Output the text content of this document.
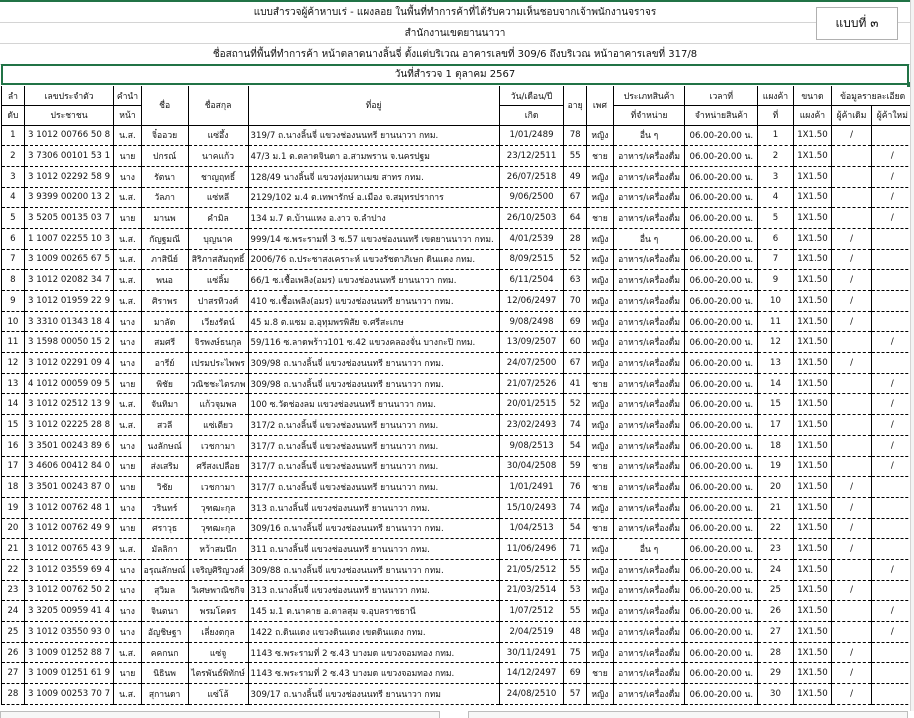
แบบสำรวจผู้ค้าหาบเร่ - แผงลอย ในพื้นที่ทำการค้าที่ได้รับความเห็นชอบจากเจ้าพนักงานจราจร
สำนักงานเขตยานนาวา
ชื่อสถานที่พื้นที่ทำการค้า หน้าตลาดนางลิ้นจี่ ตั้งแต่บริเวณ อาคารเลขที่ 309/6 ถึงบริเวณ หน้าอาคารเลขที่ 317/8
แบบที่ ๓
วันที่สำรวจ 1 ตุลาคม 2567
ลำ	เลขประจำตัว	คำนำ	ชื่อ	ชื่อสกุล	ที่อยู่	วัน/เดือน/ปี	อายุ	เพศ	ประเภทสินค้า	เวลาที่	แผงค้า	ขนาด	ข้อมูลรายละเอียด	
ดับ	ประชาชน	หน้า				เกิด			ที่จำหน่าย	จำหน่ายสินค้า	ที่	แผงค้า	ผู้ค้าเดิม	ผู้ค้าใหม่
1	3 1012 00766 50 8	น.ส.	จิ๋ออวย	แซ่อึ้ง	319/7 ถ.นางลิ้นจี่ แขวงช่องนนทรี ยานนาวา กทม.	1/01/2489	78	หญิง	อื่น ๆ	06.00-20.00 น.	1	1X1.50	/	
2	3 7306 00101 53 1	นาย	ปกรณ์	นาคแก้ว	47/3 ม.1 ต.ตลาดจินดา อ.สามพราน จ.นครปฐม	23/12/2511	55	ชาย	อาหาร/เครื่องดื่ม	06.00-20.00 น.	2	1X1.50		/
3	3 1012 02292 58 9	นาง	รัตนา	ชาญฤทธิ์	128/49 นางลิ้นจี่ แขวงทุ่งมหาเมฆ สาทร กทม.	26/07/2518	49	หญิง	อาหาร/เครื่องดื่ม	06.00-20.00 น.	3	1X1.50		/
4	3 9399 00200 13 2	น.ส.	วัลภา	แซ่หลี	2129/102 ม.4 ต.เทพารักษ์ อ.เมือง จ.สมุทรปราการ	9/06/2500	67	หญิง	อาหาร/เครื่องดื่ม	06.00-20.00 น.	4	1X1.50		/
5	3 5205 00135 03 7	นาย	มานพ	คำมิล	134 ม.7 ต.บ้านแหง อ.งาว จ.ลำปาง	26/10/2503	64	ชาย	อาหาร/เครื่องดื่ม	06.00-20.00 น.	5	1X1.50		/
6	1 1007 02255 10 3	น.ส.	กัญฐมณี	บุญนาค	999/14 ซ.พระรามที่ 3 ซ.57 แขวงช่องนนทรี เขตยานนาวา กทม.	4/01/2539	28	หญิง	อื่น ๆ	06.00-20.00 น.	6	1X1.50	/	
7	3 1009 00265 67 5	น.ส.	ภาสินีย์	สิริภาสสัมฤทธิ์	2006/76 ถ.ประชาสงเคราะห์ แขวงรัชดาภิเษก ดินแดง กทม.	8/09/2515	52	หญิง	อาหาร/เครื่องดื่ม	06.00-20.00 น.	7	1X1.50	/	
8	3 1012 02082 34 7	น.ส.	พนอ	แซ่ลิ้ม	66/1 ซ.เชื้อเพลิง(อมร) แขวงช่องนนทรี ยานนาวา กทม.	6/11/2504	63	หญิง	อาหาร/เครื่องดื่ม	06.00-20.00 น.	9	1X1.50	/	
9	3 1012 01959 22 9	น.ส.	ศิราพร	ปาสรทิวงศ์	410 ซ.เชื้อเพลิง(อมร) แขวงช่องนนทรี ยานนาวา กทม.	12/06/2497	70	หญิง	อาหาร/เครื่องดื่ม	06.00-20.00 น.	10	1X1.50	/	
10	3 3310 01343 18 4	นาง	มาลัด	เวียงรัตน์	45 ม.8 ต.แซม อ.อุทุมพรพิสัย จ.ศรีสะเกษ	9/08/2498	69	หญิง	อาหาร/เครื่องดื่ม	06.00-20.00 น.	11	1X1.50	/	
11	3 1598 00050 15 2	นาง	สมศรี	จิรพงษ์ธนกุล	59/116 ซ.ลาดพร้าว101 ซ.42 แขวงคลองจั่น บางกะปิ กทม.	13/09/2507	60	หญิง	อาหาร/เครื่องดื่ม	06.00-20.00 น.	12	1X1.50		/
12	3 1012 02291 09 4	นาง	อารีย์	เปรมประไพพร	309/98 ถ.นางลิ้นจี่ แขวงช่องนนทรี ยานนาวา กทม.	24/07/2500	67	หญิง	อาหาร/เครื่องดื่ม	06.00-20.00 น.	13	1X1.50	/	
13	4 1012 00059 09 5	นาย	พิชัย	วณิชชะไตรภพ	309/98 ถ.นางลิ้นจี่ แขวงช่องนนทรี ยานนาวา กทม.	21/07/2526	41	ชาย	อาหาร/เครื่องดื่ม	06.00-20.00 น.	14	1X1.50		/
14	3 1012 02512 13 9	น.ส.	จันทิมา	แก้วจุมพล	100 ซ.วัดช่องลม แขวงช่องนนทรี ยานนาวา กทม.	20/01/2515	52	หญิง	อาหาร/เครื่องดื่ม	06.00-20.00 น.	15	1X1.50		/
15	3 1012 02225 28 8	น.ส.	สวลี	แซ่เตียว	317/2 ถ.นางลิ้นจี่ แขวงช่องนนทรี ยานนาวา กทม.	23/02/2493	74	หญิง	อาหาร/เครื่องดื่ม	06.00-20.00 น.	17	1X1.50		/
16	3 3501 00243 89 6	นาง	นงลักษณ์	เวชกามา	317/7 ถ.นางลิ้นจี่ แขวงช่องนนทรี ยานนาวา กทม.	9/08/2513	54	หญิง	อาหาร/เครื่องดื่ม	06.00-20.00 น.	18	1X1.50		/
17	3 4606 00412 84 0	นาย	ส่งเสริม	ศรีสงเปลือย	317/7 ถ.นางลิ้นจี่ แขวงช่องนนทรี ยานนาวา กทม.	30/04/2508	59	ชาย	อาหาร/เครื่องดื่ม	06.00-20.00 น.	19	1X1.50		/
18	3 3501 00243 87 0	นาย	วิชัย	เวชกามา	317/7 ถ.นางลิ้นจี่ แขวงช่องนนทรี ยานนาวา กทม.	1/01/2491	76	ชาย	อาหาร/เครื่องดื่ม	06.00-20.00 น.	20	1X1.50	/	
19	3 1012 00762 48 1	นาง	วรินทร์	วุฑฒะกุล	313 ถ.นางลิ้นจี่ แขวงช่องนนทรี ยานนาวา กทม.	15/10/2493	74	หญิง	อาหาร/เครื่องดื่ม	06.00-20.00 น.	21	1X1.50	/	
20	3 1012 00762 49 9	นาย	ศราวุธ	วุฑฒะกุล	309/16 ถ.นางลิ้นจี่ แขวงช่องนนทรี ยานนาวา กทม.	1/04/2513	54	ชาย	อาหาร/เครื่องดื่ม	06.00-20.00 น.	22	1X1.50	/	
21	3 1012 00765 43 9	น.ส.	มัลลิกา	หว้าสมนึก	311 ถ.นางลิ้นจี่ แขวงช่องนนทรี ยานนาวา กทม.	11/06/2496	71	หญิง	อื่น ๆ	06.00-20.00 น.	23	1X1.50	/	
22	3 1012 03559 69 4	นาง	อรุณลักษณ์	เจริญศิริญวงศ์	309/88 ถ.นางลิ้นจี่ แขวงช่องนนทรี ยานนาวา กทม.	21/05/2512	55	หญิง	อาหาร/เครื่องดื่ม	06.00-20.00 น.	24	1X1.50		/
23	3 1012 00762 50 2	นาง	สุวิมล	วิเศษพาณิชกิจ	313 ถ.นางลิ้นจี่ แขวงช่องนนทรี ยานนาวา กทม.	21/03/2514	53	หญิง	อาหาร/เครื่องดื่ม	06.00-20.00 น.	25	1X1.50	/	
24	3 3205 00959 41 4	นาง	จินตนา	พรมโคตร	145 ม.1 ต.นาคาย อ.ตาลสุม จ.อุบลราชธานี	1/07/2512	55	หญิง	อาหาร/เครื่องดื่ม	06.00-20.00 น.	26	1X1.50		/
25	3 1012 03550 93 0	นาง	อัญชิษฐา	เลี่ยงตกุล	1422 ถ.ดินแดง แขวงดินแดง เขตดินแดง กทม.	2/04/2519	48	หญิง	อาหาร/เครื่องดื่ม	06.00-20.00 น.	27	1X1.50		/
26	3 1009 01252 88 7	น.ส.	คคกนก	แซ่จู	1143 ซ.พระรามที่ 2 ซ.43 บางมด แขวงจอมทอง กทม.	30/11/2491	75	หญิง	อาหาร/เครื่องดื่ม	06.00-20.00 น.	28	1X1.50	/	
27	3 1009 01251 61 9	นาย	นิธินพ	ไตรพันธ์พิทักษ์	1143 ซ.พระรามที่ 2 ซ.43 บางมด แขวงจอมทอง กทม.	14/12/2497	69	ชาย	อาหาร/เครื่องดื่ม	06.00-20.00 น.	29	1X1.50	/	
28	3 1009 00253 70 7	น.ส.	สุกานดา	แซ่โล้	309/17 ถ.นางลิ้นจี่ แขวงช่องนนทรี ยานนาวา กทม	24/08/2510	57	หญิง	อาหาร/เครื่องดื่ม	06.00-20.00 น.	30	1X1.50	/	
